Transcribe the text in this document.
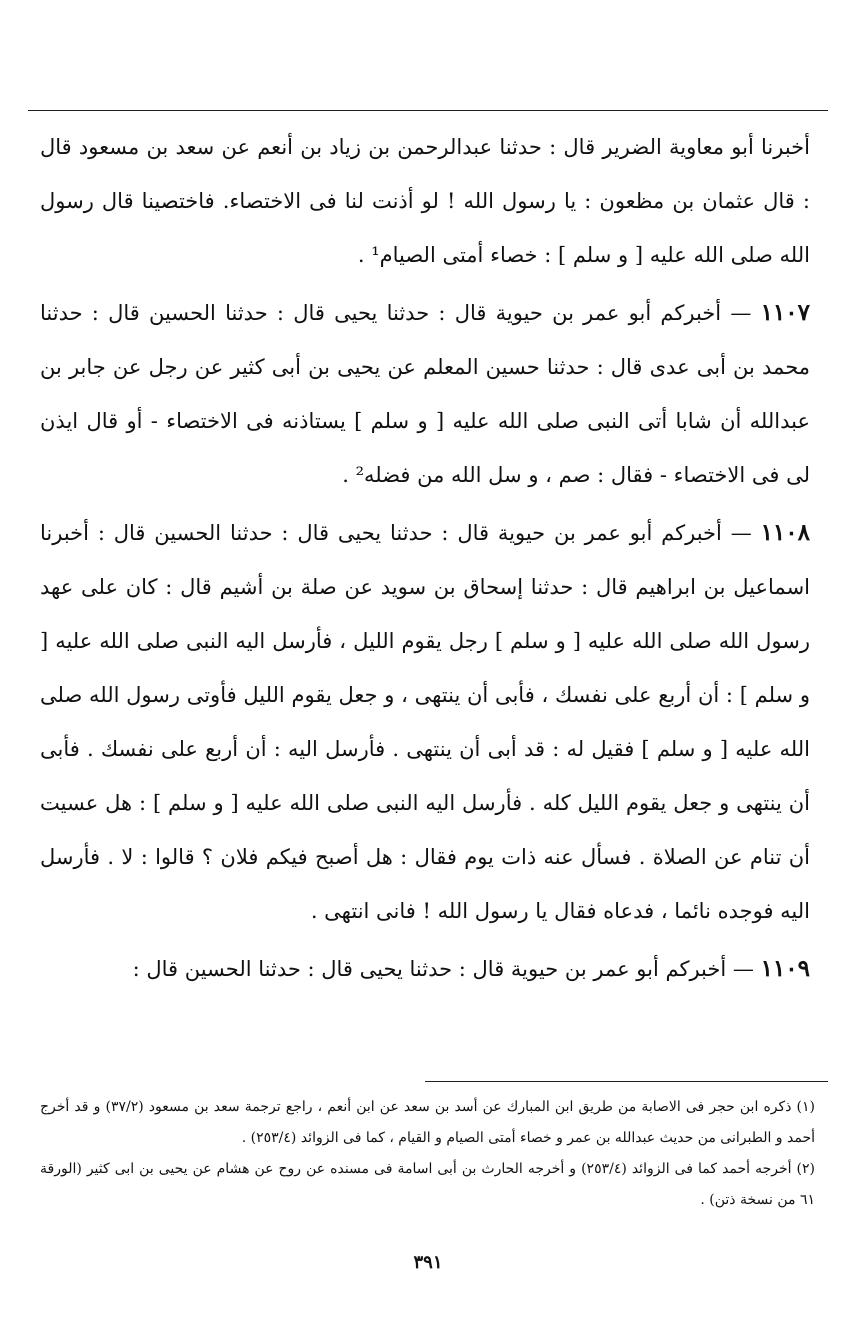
أخبرنا أبو معاوية الضرير قال : حدثنا عبدالرحمن بن زياد بن أنعم عن سعد بن مسعود قال : قال عثمان بن مظعون : يا رسول الله ! لو أذنت لنا فى الاختصاء. فاختصينا قال رسول الله صلى الله عليه [ و سلم ] : خصاء أمتى الصيام¹ .

١١٠٧ — أخبركم أبو عمر بن حيوية قال : حدثنا يحيى قال : حدثنا الحسين قال : حدثنا محمد بن أبى عدى قال : حدثنا حسين المعلم عن يحيى بن أبى كثير عن رجل عن جابر بن عبدالله أن شابا أتى النبى صلى الله عليه [ و سلم ] يستاذنه فى الاختصاء - أو قال ايذن لى فى الاختصاء - فقال : صم ، و سل الله من فضله² .

١١٠٨ — أخبركم أبو عمر بن حيوية قال : حدثنا يحيى قال : حدثنا الحسين قال : أخبرنا اسماعيل بن ابراهيم قال : حدثنا إسحاق بن سويد عن صلة بن أشيم قال : كان على عهد رسول الله صلى الله عليه [ و سلم ] رجل يقوم الليل ، فأرسل اليه النبى صلى الله عليه [ و سلم ] : أن أربع على نفسك ، فأبى أن ينتهى ، و جعل يقوم الليل فأوتى رسول الله صلى الله عليه [ و سلم ] فقيل له : قد أبى أن ينتهى . فأرسل اليه : أن أربع على نفسك . فأبى أن ينتهى و جعل يقوم الليل كله . فأرسل اليه النبى صلى الله عليه [ و سلم ] : هل عسيت أن تنام عن الصلاة . فسأل عنه ذات يوم فقال : هل أصبح فيكم فلان ؟ قالوا : لا . فأرسل اليه فوجده نائما ، فدعاه فقال يا رسول الله ! فانى انتهى .

١١٠٩ — أخبركم أبو عمر بن حيوية قال : حدثنا يحيى قال : حدثنا الحسين قال :

(١) ذكره ابن حجر فى الاصابة من طريق ابن المبارك عن أسد بن سعد عن ابن أنعم ، راجع ترجمة سعد بن مسعود (٣٧/٢) و قد أخرج أحمد و الطبرانى من حديث عبدالله بن عمر و خصاء أمتى الصيام و القيام ، كما فى الزوائد (٢٥٣/٤) .

(٢) أخرجه أحمد كما فى الزوائد (٢٥٣/٤) و أخرجه الحارث بن أبى اسامة فى مسنده عن روح عن هشام عن يحيى بن ابى كثير (الورقة ٦١ من نسخة ذتن) .

٣٩١
